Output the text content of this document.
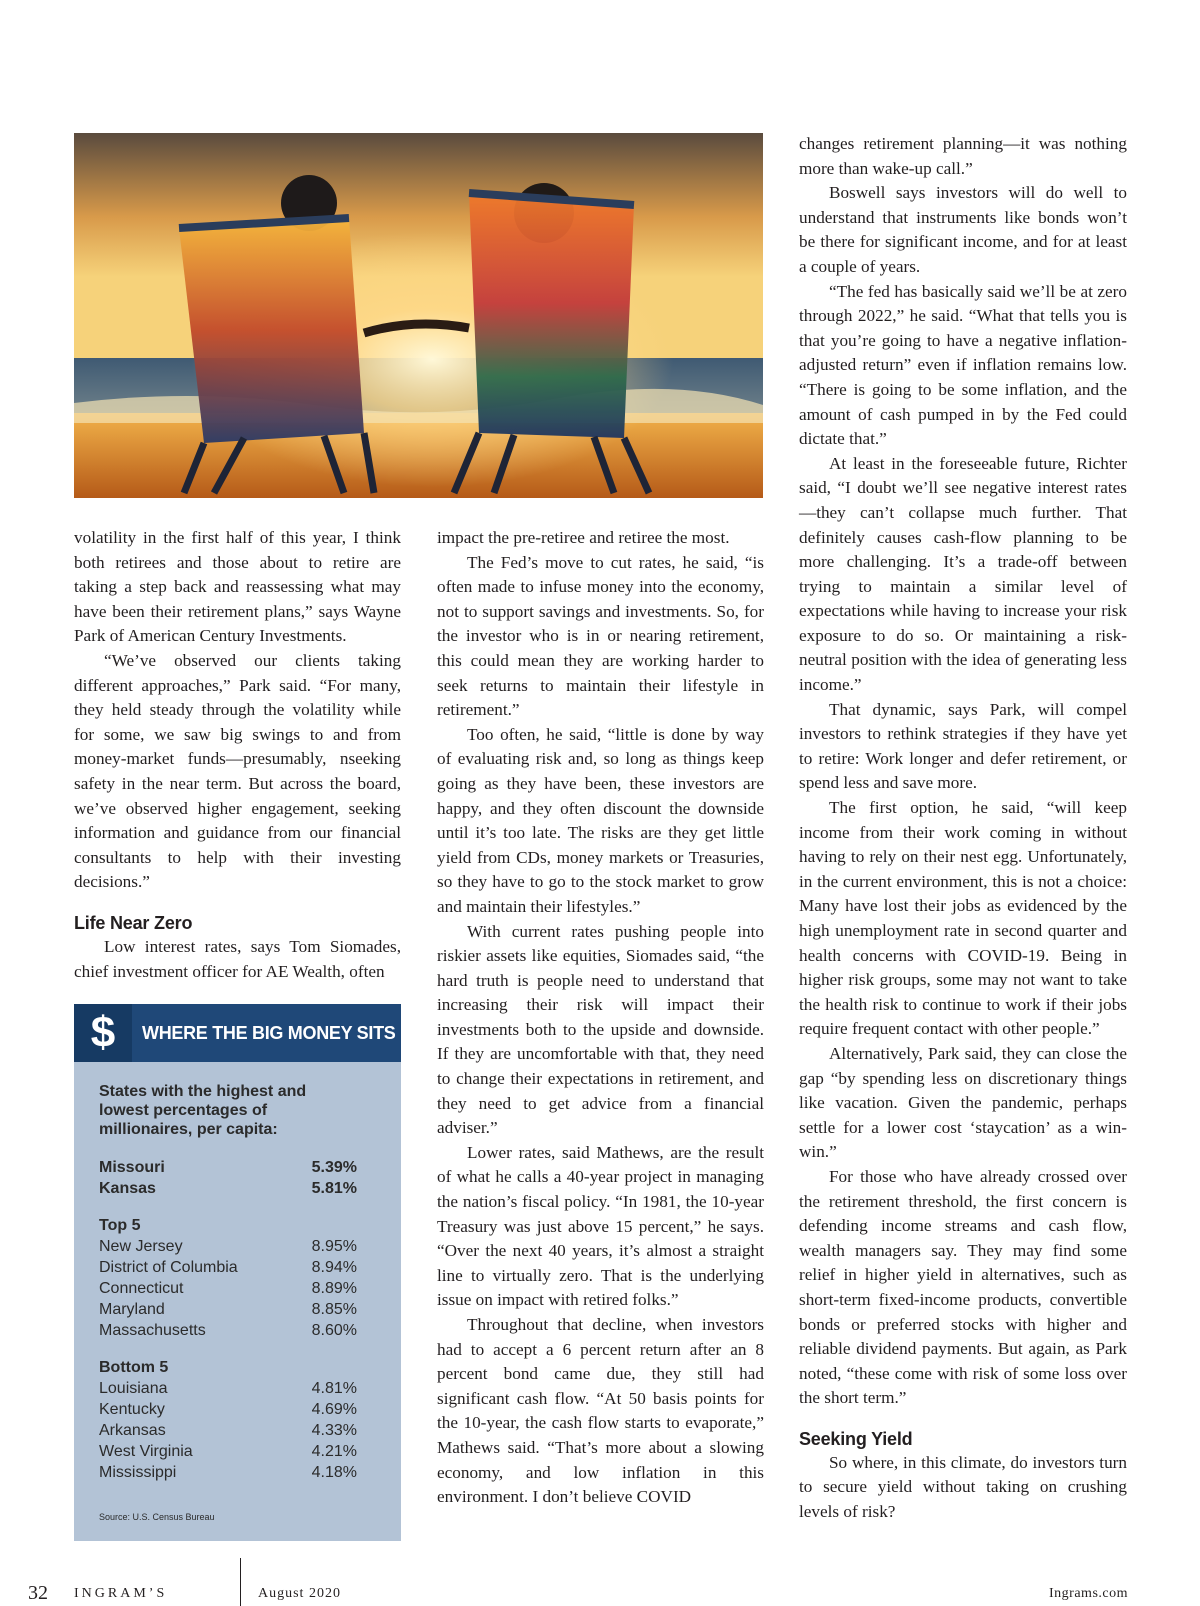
volatility in the first half of this year, I think both retirees and those about to retire are taking a step back and reassessing what may have been their retirement plans,” says Wayne Park of American Century Investments.

“We’ve observed our clients taking different approaches,” Park said. “For many, they held steady through the volatility while for some, we saw big swings to and from money-market funds—presumably, nseeking safety in the near term. But across the board, we’ve observed higher engagement, seeking information and guidance from our financial consultants to help with their investing decisions.”

Life Near Zero

Low interest rates, says Tom Siomades, chief investment officer for AE Wealth, often

$	WHERE THE BIG MONEY SITS
States with the highest and lowest percentages of millionaires, per capita:
Missouri	5.39%
Kansas	5.81%
Top 5
New Jersey	8.95%
District of Columbia	8.94%
Connecticut	8.89%
Maryland	8.85%
Massachusetts	8.60%
Bottom 5
Louisiana	4.81%
Kentucky	4.69%
Arkansas	4.33%
West Virginia	4.21%
Mississippi	4.18%
Source: U.S. Census Bureau

impact the pre-retiree and retiree the most.

The Fed’s move to cut rates, he said, “is often made to infuse money into the economy, not to support savings and investments. So, for the investor who is in or nearing retirement, this could mean they are working harder to seek returns to maintain their lifestyle in retirement.”

Too often, he said, “little is done by way of evaluating risk and, so long as things keep going as they have been, these investors are happy, and they often discount the downside until it’s too late. The risks are they get little yield from CDs, money markets or Treasuries, so they have to go to the stock market to grow and maintain their lifestyles.”

With current rates pushing people into riskier assets like equities, Siomades said, “the hard truth is people need to understand that increasing their risk will impact their investments both to the upside and downside. If they are uncomfortable with that, they need to change their expectations in retirement, and they need to get advice from a financial adviser.”

Lower rates, said Mathews, are the result of what he calls a 40-year project in managing the nation’s fiscal policy. “In 1981, the 10-year Treasury was just above 15 percent,” he says. “Over the next 40 years, it’s almost a straight line to virtually zero. That is the underlying issue on impact with retired folks.”

Throughout that decline, when investors had to accept a 6 percent return after an 8 percent bond came due, they still had significant cash flow. “At 50 basis points for the 10-year, the cash flow starts to evaporate,” Mathews said. “That’s more about a slowing economy, and low inflation in this environment. I don’t believe COVID

changes retirement planning—it was nothing more than wake-up call.”

Boswell says investors will do well to understand that instruments like bonds won’t be there for significant income, and for at least a couple of years.

“The fed has basically said we’ll be at zero through 2022,” he said. “What that tells you is that you’re going to have a negative inflation-adjusted return” even if inflation remains low. “There is going to be some inflation, and the amount of cash pumped in by the Fed could dictate that.”

At least in the foreseeable future, Richter said, “I doubt we’ll see negative interest rates—they can’t collapse much further. That definitely causes cash-flow planning to be more challenging. It’s a trade-off between trying to maintain a similar level of expectations while having to increase your risk exposure to do so. Or maintaining a risk-neutral position with the idea of generating less income.”

That dynamic, says Park, will compel investors to rethink strategies if they have yet to retire: Work longer and defer retirement, or spend less and save more.

The first option, he said, “will keep income from their work coming in without having to rely on their nest egg. Unfortunately, in the current environment, this is not a choice: Many have lost their jobs as evidenced by the high unemployment rate in second quarter and health concerns with COVID-19. Being in higher risk groups, some may not want to take the health risk to continue to work if their jobs require frequent contact with other people.”

Alternatively, Park said, they can close the gap “by spending less on discretionary things like vacation. Given the pandemic, perhaps settle for a lower cost ‘staycation’ as a win-win.”

For those who have already crossed over the retirement threshold, the first concern is defending income streams and cash flow, wealth managers say. They may find some relief in higher yield in alternatives, such as short-term fixed-income products, convertible bonds or preferred stocks with higher and reliable dividend payments. But again, as Park noted, “these come with risk of some loss over the short term.”

Seeking Yield

So where, in this climate, do investors turn to secure yield without taking on crushing levels of risk?

32 INGRAM’S	August 2020	Ingrams.com
